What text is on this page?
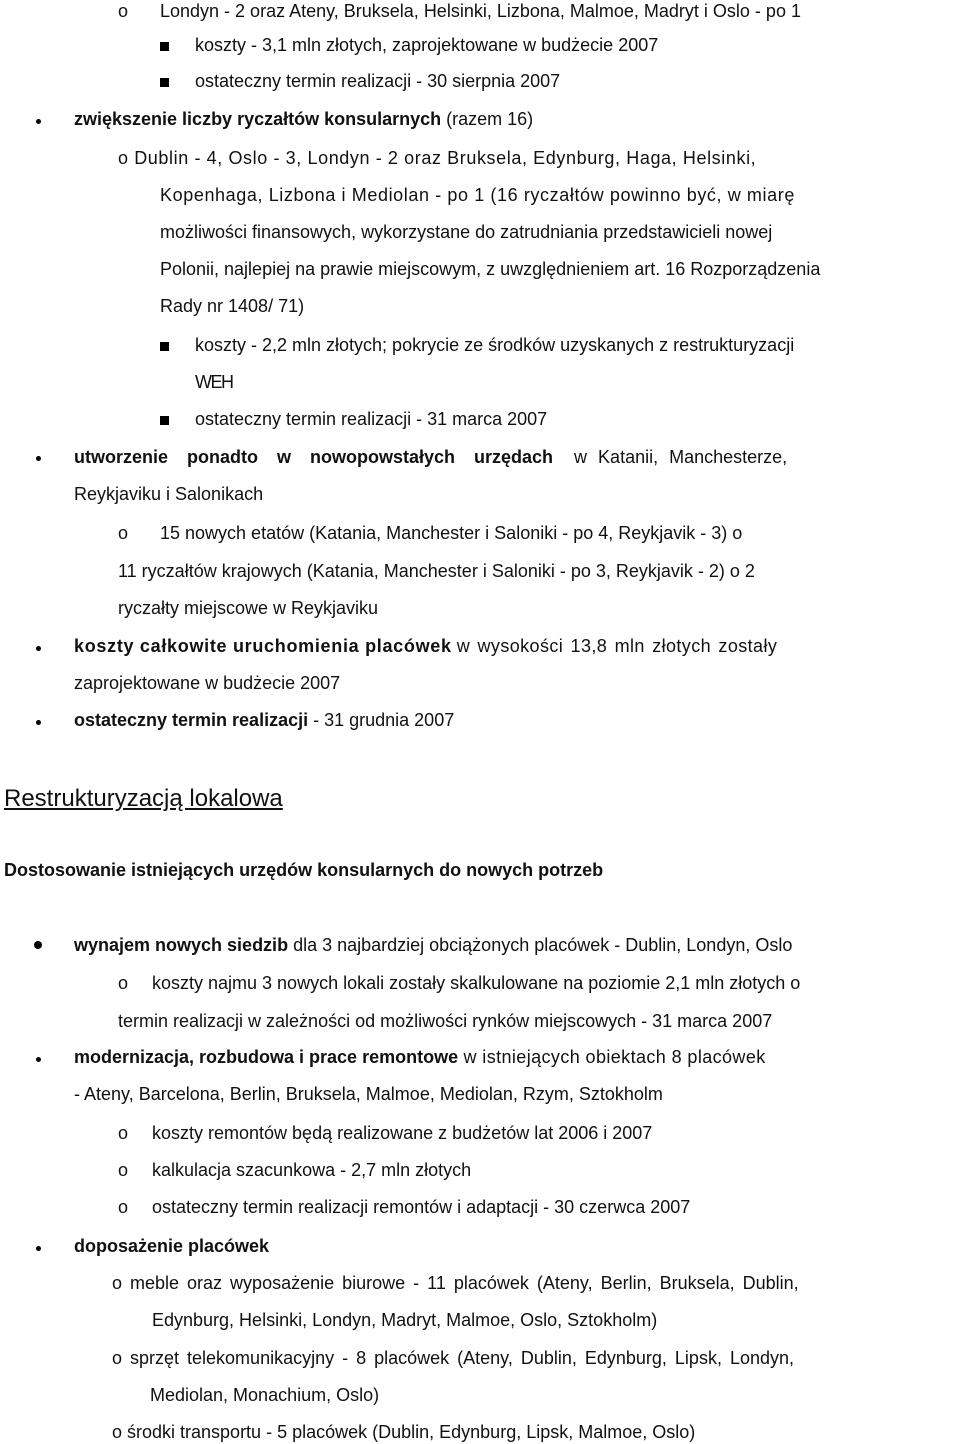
o Londyn - 2 oraz Ateny, Bruksela, Helsinki, Lizbona, Malmoe, Madryt i Oslo - po 1
koszty - 3,1 mln złotych, zaprojektowane w budżecie 2007
ostateczny termin realizacji - 30 sierpnia 2007
zwiększenie liczby ryczałtów konsularnych (razem 16)
o Dublin - 4, Oslo - 3, Londyn - 2 oraz Bruksela, Edynburg, Haga, Helsinki,
Kopenhaga, Lizbona i Mediolan - po 1 (16 ryczałtów powinno być, w miarę
możliwości finansowych, wykorzystane do zatrudniania przedstawicieli nowej
Polonii, najlepiej na prawie miejscowym, z uwzględnieniem art. 16 Rozporządzenia
Rady nr 1408/ 71)
koszty - 2,2 mln złotych; pokrycie ze środków uzyskanych z restrukturyzacji
WEH
ostateczny termin realizacji - 31 marca 2007
utworzenie ponadto w nowopowstałych urzędach w Katanii, Manchesterze,
Reykjaviku i Salonikach
o 15 nowych etatów (Katania, Manchester i Saloniki - po 4, Reykjavik - 3) o
11 ryczałtów krajowych (Katania, Manchester i Saloniki - po 3, Reykjavik - 2) o 2
ryczałty miejscowe w Reykjaviku
koszty całkowite uruchomienia placówek w wysokości 13,8 mln złotych zostały
zaprojektowane w budżecie 2007
ostateczny termin realizacji - 31 grudnia 2007
Restrukturyzacją lokalowa
Dostosowanie istniejących urzędów konsularnych do nowych potrzeb
wynajem nowych siedzib dla 3 najbardziej obciążonych placówek - Dublin, Londyn, Oslo
o koszty najmu 3 nowych lokali zostały skalkulowane na poziomie 2,1 mln złotych o
termin realizacji w zależności od możliwości rynków miejscowych - 31 marca 2007
modernizacja, rozbudowa i prace remontowe w istniejących obiektach 8 placówek
- Ateny, Barcelona, Berlin, Bruksela, Malmoe, Mediolan, Rzym, Sztokholm
o koszty remontów będą realizowane z budżetów lat 2006 i 2007
o kalkulacja szacunkowa - 2,7 mln złotych
o ostateczny termin realizacji remontów i adaptacji - 30 czerwca 2007
doposażenie placówek
o meble oraz wyposażenie biurowe - 11 placówek (Ateny, Berlin, Bruksela, Dublin,
Edynburg, Helsinki, Londyn, Madryt, Malmoe, Oslo, Sztokholm)
o sprzęt telekomunikacyjny - 8 placówek (Ateny, Dublin, Edynburg, Lipsk, Londyn,
Mediolan, Monachium, Oslo)
o środki transportu - 5 placówek (Dublin, Edynburg, Lipsk, Malmoe, Oslo)
